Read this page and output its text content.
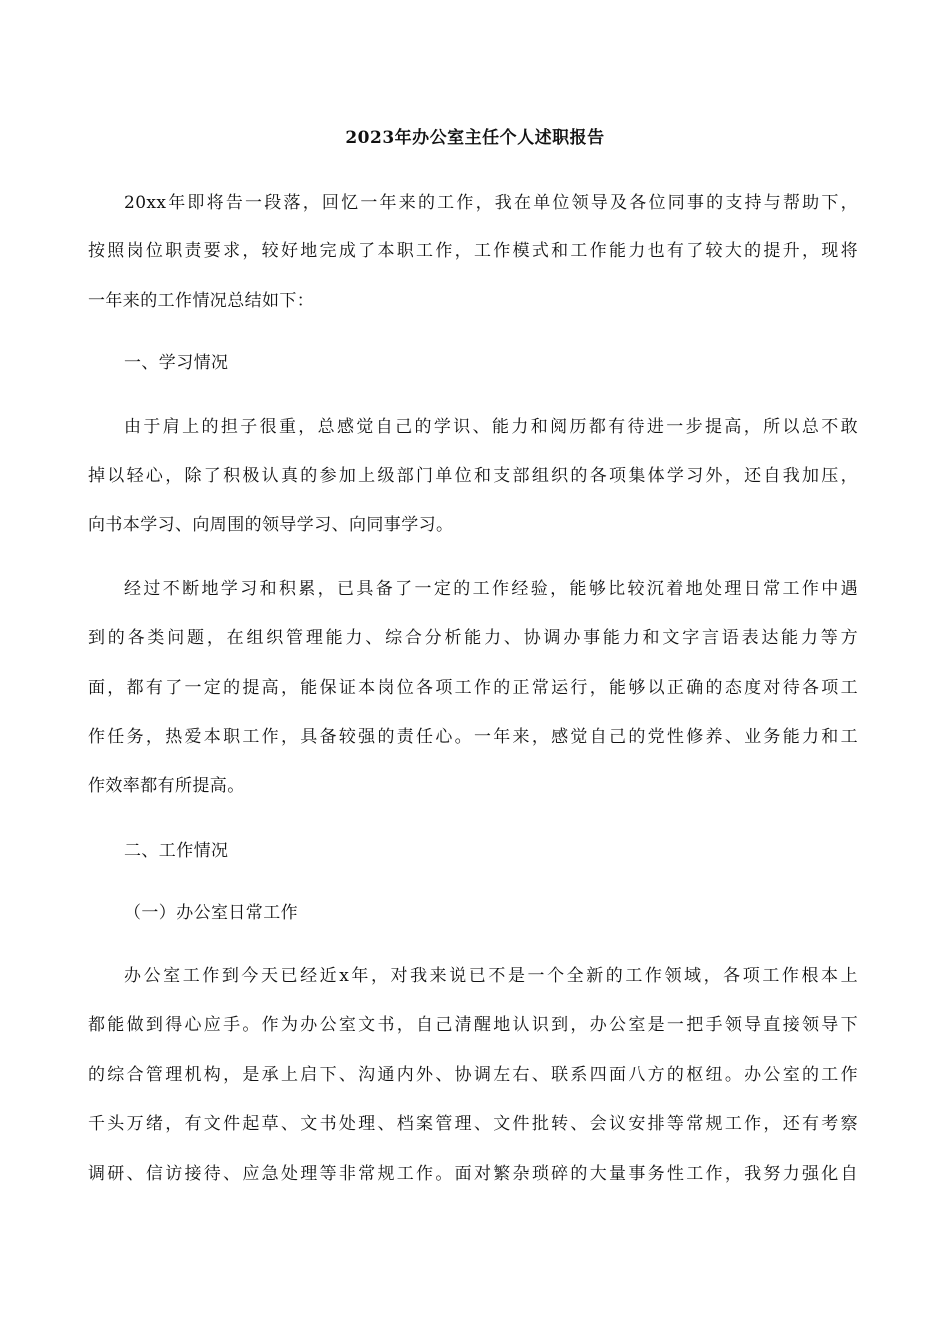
2023年办公室主任个人述职报告
20xx年即将告一段落，回忆一年来的工作，我在单位领导及各位同事的支持与帮助下，
按照岗位职责要求，较好地完成了本职工作，工作模式和工作能力也有了较大的提升，现将
一年来的工作情况总结如下：
一、学习情况
由于肩上的担子很重，总感觉自己的学识、能力和阅历都有待进一步提高，所以总不敢
掉以轻心，除了积极认真的参加上级部门单位和支部组织的各项集体学习外，还自我加压，
向书本学习、向周围的领导学习、向同事学习。
经过不断地学习和积累，已具备了一定的工作经验，能够比较沉着地处理日常工作中遇
到的各类问题，在组织管理能力、综合分析能力、协调办事能力和文字言语表达能力等方
面，都有了一定的提高，能保证本岗位各项工作的正常运行，能够以正确的态度对待各项工
作任务，热爱本职工作，具备较强的责任心。一年来，感觉自己的党性修养、业务能力和工
作效率都有所提高。
二、工作情况
（一）办公室日常工作
办公室工作到今天已经近x年，对我来说已不是一个全新的工作领域，各项工作根本上
都能做到得心应手。作为办公室文书，自己清醒地认识到，办公室是一把手领导直接领导下
的综合管理机构，是承上启下、沟通内外、协调左右、联系四面八方的枢纽。办公室的工作
千头万绪，有文件起草、文书处理、档案管理、文件批转、会议安排等常规工作，还有考察
调研、信访接待、应急处理等非常规工作。面对繁杂琐碎的大量事务性工作，我努力强化自
